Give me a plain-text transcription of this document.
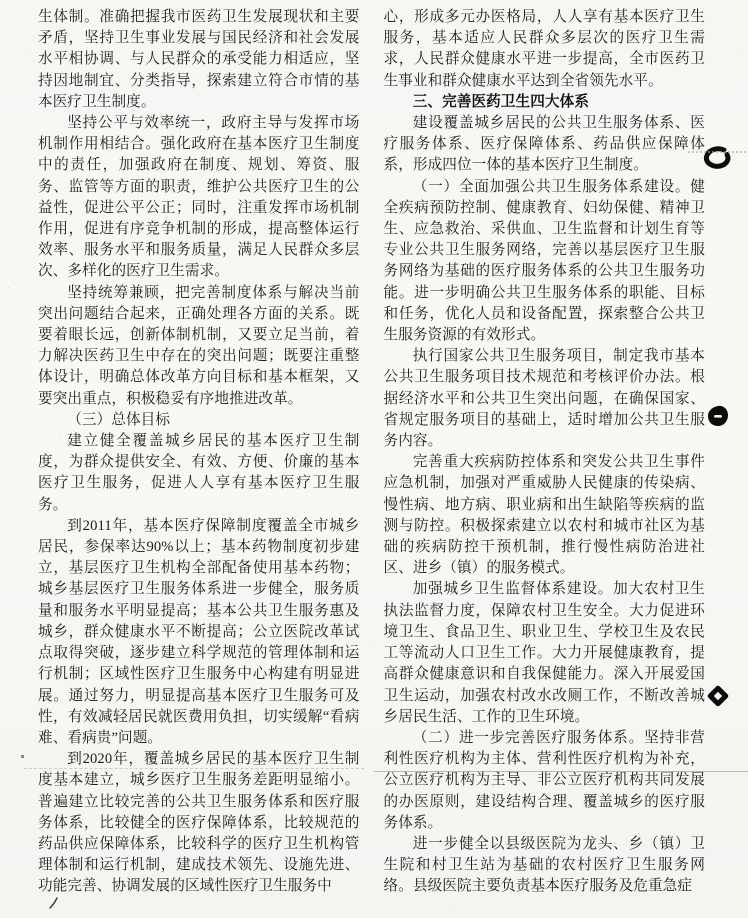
生体制。准确把握我市医药卫生发展现状和主要矛盾，坚持卫生事业发展与国民经济和社会发展水平相协调、与人民群众的承受能力相适应，坚持因地制宜、分类指导，探索建立符合市情的基本医疗卫生制度。

坚持公平与效率统一，政府主导与发挥市场机制作用相结合。强化政府在基本医疗卫生制度中的责任，加强政府在制度、规划、筹资、服务、监管等方面的职责，维护公共医疗卫生的公益性，促进公平公正；同时，注重发挥市场机制作用，促进有序竞争机制的形成，提高整体运行效率、服务水平和服务质量，满足人民群众多层次、多样化的医疗卫生需求。

坚持统筹兼顾，把完善制度体系与解决当前突出问题结合起来，正确处理各方面的关系。既要着眼长远，创新体制机制，又要立足当前，着力解决医药卫生中存在的突出问题；既要注重整体设计，明确总体改革方向目标和基本框架，又要突出重点，积极稳妥有序地推进改革。

（三）总体目标

建立健全覆盖城乡居民的基本医疗卫生制度，为群众提供安全、有效、方便、价廉的基本医疗卫生服务，促进人人享有基本医疗卫生服务。

到2011年，基本医疗保障制度覆盖全市城乡居民，参保率达90%以上；基本药物制度初步建立，基层医疗卫生机构全部配备使用基本药物；城乡基层医疗卫生服务体系进一步健全，服务质量和服务水平明显提高；基本公共卫生服务惠及城乡，群众健康水平不断提高；公立医院改革试点取得突破，逐步建立科学规范的管理体制和运行机制；区域性医疗卫生服务中心构建有明显进展。通过努力，明显提高基本医疗卫生服务可及性，有效减轻居民就医费用负担，切实缓解“看病难、看病贵”问题。

到2020年，覆盖城乡居民的基本医疗卫生制度基本建立，城乡医疗卫生服务差距明显缩小。普遍建立比较完善的公共卫生服务体系和医疗服务体系，比较健全的医疗保障体系，比较规范的药品供应保障体系，比较科学的医疗卫生机构管理体制和运行机制，建成技术领先、设施先进、功能完善、协调发展的区域性医疗卫生服务中

心，形成多元办医格局，人人享有基本医疗卫生服务，基本适应人民群众多层次的医疗卫生需求，人民群众健康水平进一步提高，全市医药卫生事业和群众健康水平达到全省领先水平。

三、完善医药卫生四大体系

建设覆盖城乡居民的公共卫生服务体系、医疗服务体系、医疗保障体系、药品供应保障体系，形成四位一体的基本医疗卫生制度。

（一）全面加强公共卫生服务体系建设。健全疾病预防控制、健康教育、妇幼保健、精神卫生、应急救治、采供血、卫生监督和计划生育等专业公共卫生服务网络，完善以基层医疗卫生服务网络为基础的医疗服务体系的公共卫生服务功能。进一步明确公共卫生服务体系的职能、目标和任务，优化人员和设备配置，探索整合公共卫生服务资源的有效形式。

执行国家公共卫生服务项目，制定我市基本公共卫生服务项目技术规范和考核评价办法。根据经济水平和公共卫生突出问题，在确保国家、省规定服务项目的基础上，适时增加公共卫生服务内容。

完善重大疾病防控体系和突发公共卫生事件应急机制，加强对严重威胁人民健康的传染病、慢性病、地方病、职业病和出生缺陷等疾病的监测与防控。积极探索建立以农村和城市社区为基础的疾病防控干预机制，推行慢性病防治进社区、进乡（镇）的服务模式。

加强城乡卫生监督体系建设。加大农村卫生执法监督力度，保障农村卫生安全。大力促进环境卫生、食品卫生、职业卫生、学校卫生及农民工等流动人口卫生工作。大力开展健康教育，提高群众健康意识和自我保健能力。深入开展爱国卫生运动，加强农村改水改厕工作，不断改善城乡居民生活、工作的卫生环境。

（二）进一步完善医疗服务体系。坚持非营利性医疗机构为主体、营利性医疗机构为补充，公立医疗机构为主导、非公立医疗机构共同发展的办医原则，建设结构合理、覆盖城乡的医疗服务体系。

进一步健全以县级医院为龙头、乡（镇）卫生院和村卫生站为基础的农村医疗卫生服务网络。县级医院主要负责基本医疗服务及危重急症
